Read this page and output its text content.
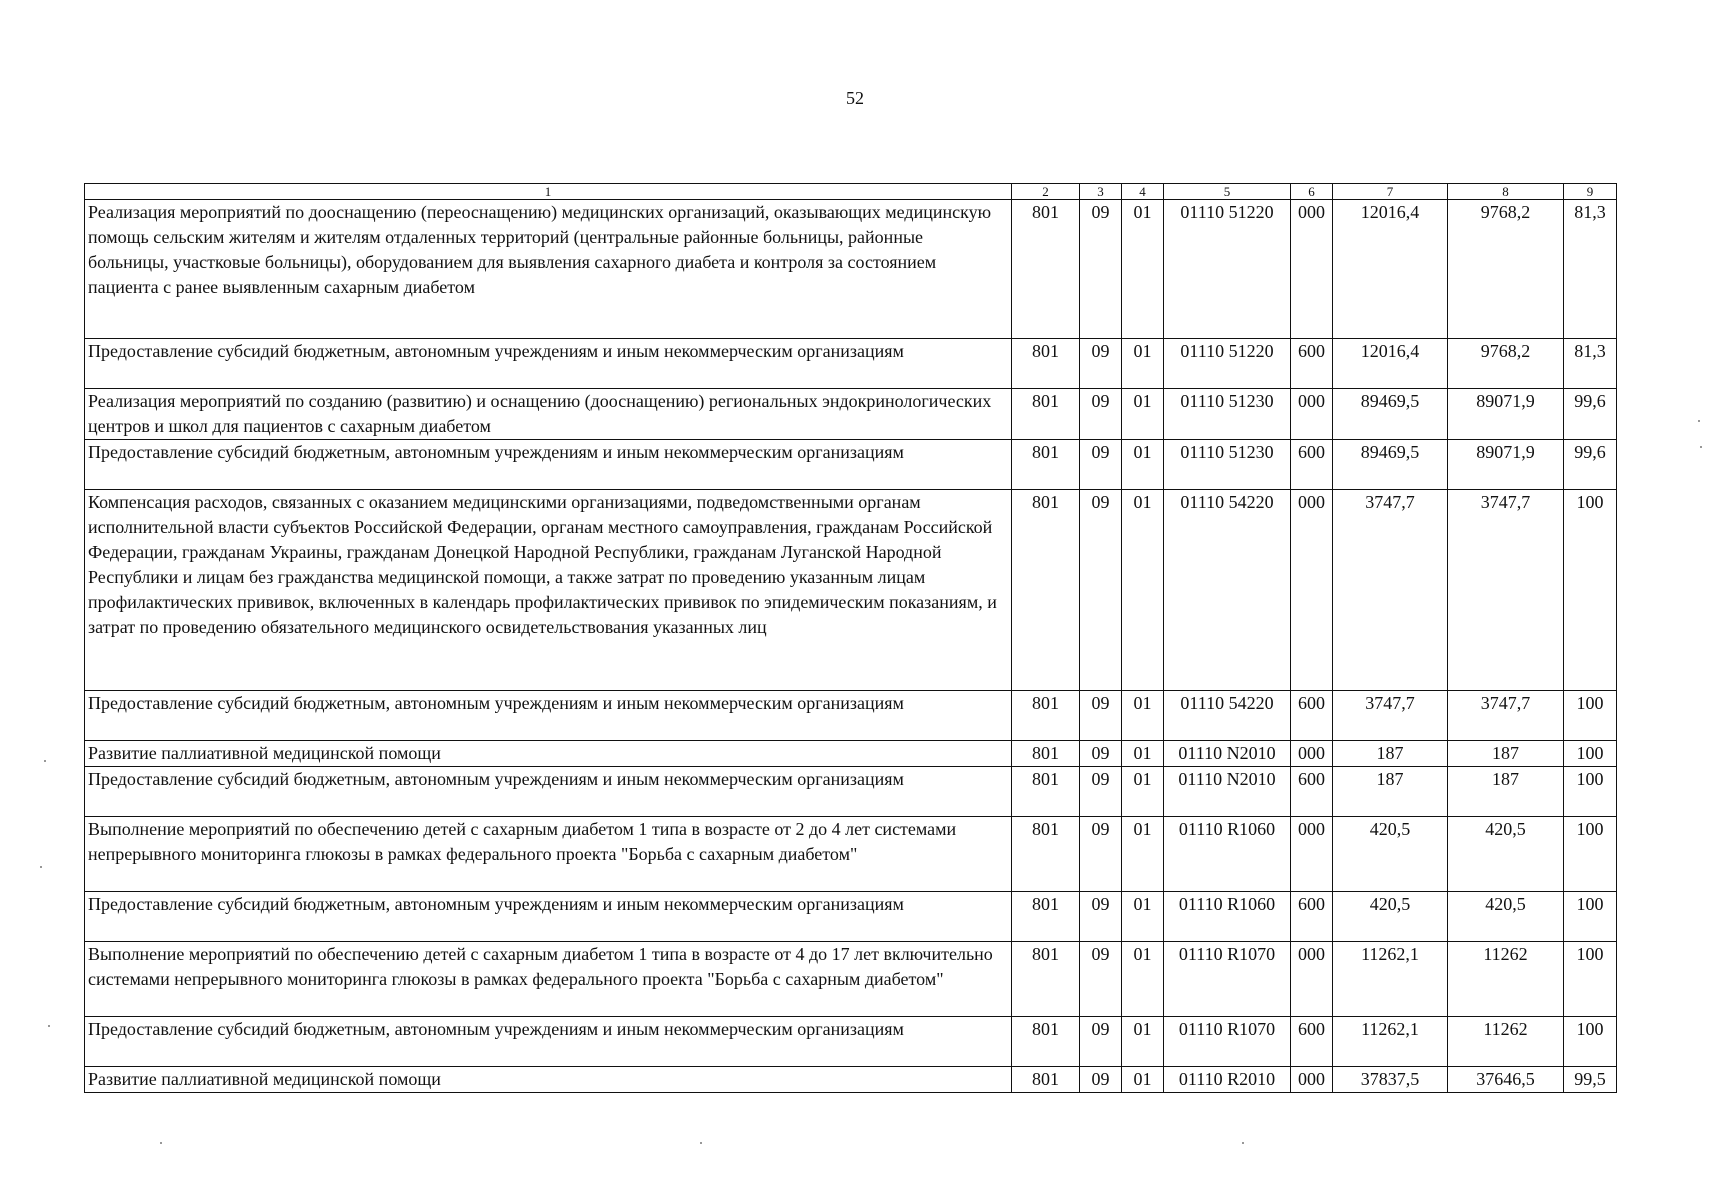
52
1	2	3	4	5	6	7	8	9
Реализация мероприятий по дооснащению (переоснащению) медицинских организаций, оказывающих медицинскую помощь сельским жителям и жителям отдаленных территорий (центральные районные больницы, районные больницы, участковые больницы), оборудованием для выявления сахарного диабета и контроля за состоянием пациента с ранее выявленным сахарным диабетом	801	09	01	01110 51220	000	12016,4	9768,2	81,3
Предоставление субсидий бюджетным, автономным учреждениям и иным некоммерческим организациям	801	09	01	01110 51220	600	12016,4	9768,2	81,3
Реализация мероприятий по созданию (развитию) и оснащению (дооснащению) региональных эндокринологических центров и школ для пациентов с сахарным диабетом	801	09	01	01110 51230	000	89469,5	89071,9	99,6
Предоставление субсидий бюджетным, автономным учреждениям и иным некоммерческим организациям	801	09	01	01110 51230	600	89469,5	89071,9	99,6
Компенсация расходов, связанных с оказанием медицинскими организациями, подведомственными органам исполнительной власти субъектов Российской Федерации, органам местного самоуправления, гражданам Российской Федерации, гражданам Украины, гражданам Донецкой Народной Республики, гражданам Луганской Народной Республики и лицам без гражданства медицинской помощи, а также затрат по проведению указанным лицам профилактических прививок, включенных в календарь профилактических прививок по эпидемическим показаниям, и затрат по проведению обязательного медицинского освидетельствования указанных лиц	801	09	01	01110 54220	000	3747,7	3747,7	100
Предоставление субсидий бюджетным, автономным учреждениям и иным некоммерческим организациям	801	09	01	01110 54220	600	3747,7	3747,7	100
Развитие паллиативной медицинской помощи	801	09	01	01110 N2010	000	187	187	100
Предоставление субсидий бюджетным, автономным учреждениям и иным некоммерческим организациям	801	09	01	01110 N2010	600	187	187	100
Выполнение мероприятий по обеспечению детей с сахарным диабетом 1 типа в возрасте от 2 до 4 лет системами непрерывного мониторинга глюкозы в рамках федерального проекта "Борьба с сахарным диабетом"	801	09	01	01110 R1060	000	420,5	420,5	100
Предоставление субсидий бюджетным, автономным учреждениям и иным некоммерческим организациям	801	09	01	01110 R1060	600	420,5	420,5	100
Выполнение мероприятий по обеспечению детей с сахарным диабетом 1 типа в возрасте от 4 до 17 лет включительно системами непрерывного мониторинга глюкозы в рамках федерального проекта "Борьба с сахарным диабетом"	801	09	01	01110 R1070	000	11262,1	11262	100
Предоставление субсидий бюджетным, автономным учреждениям и иным некоммерческим организациям	801	09	01	01110 R1070	600	11262,1	11262	100
Развитие паллиативной медицинской помощи	801	09	01	01110 R2010	000	37837,5	37646,5	99,5
